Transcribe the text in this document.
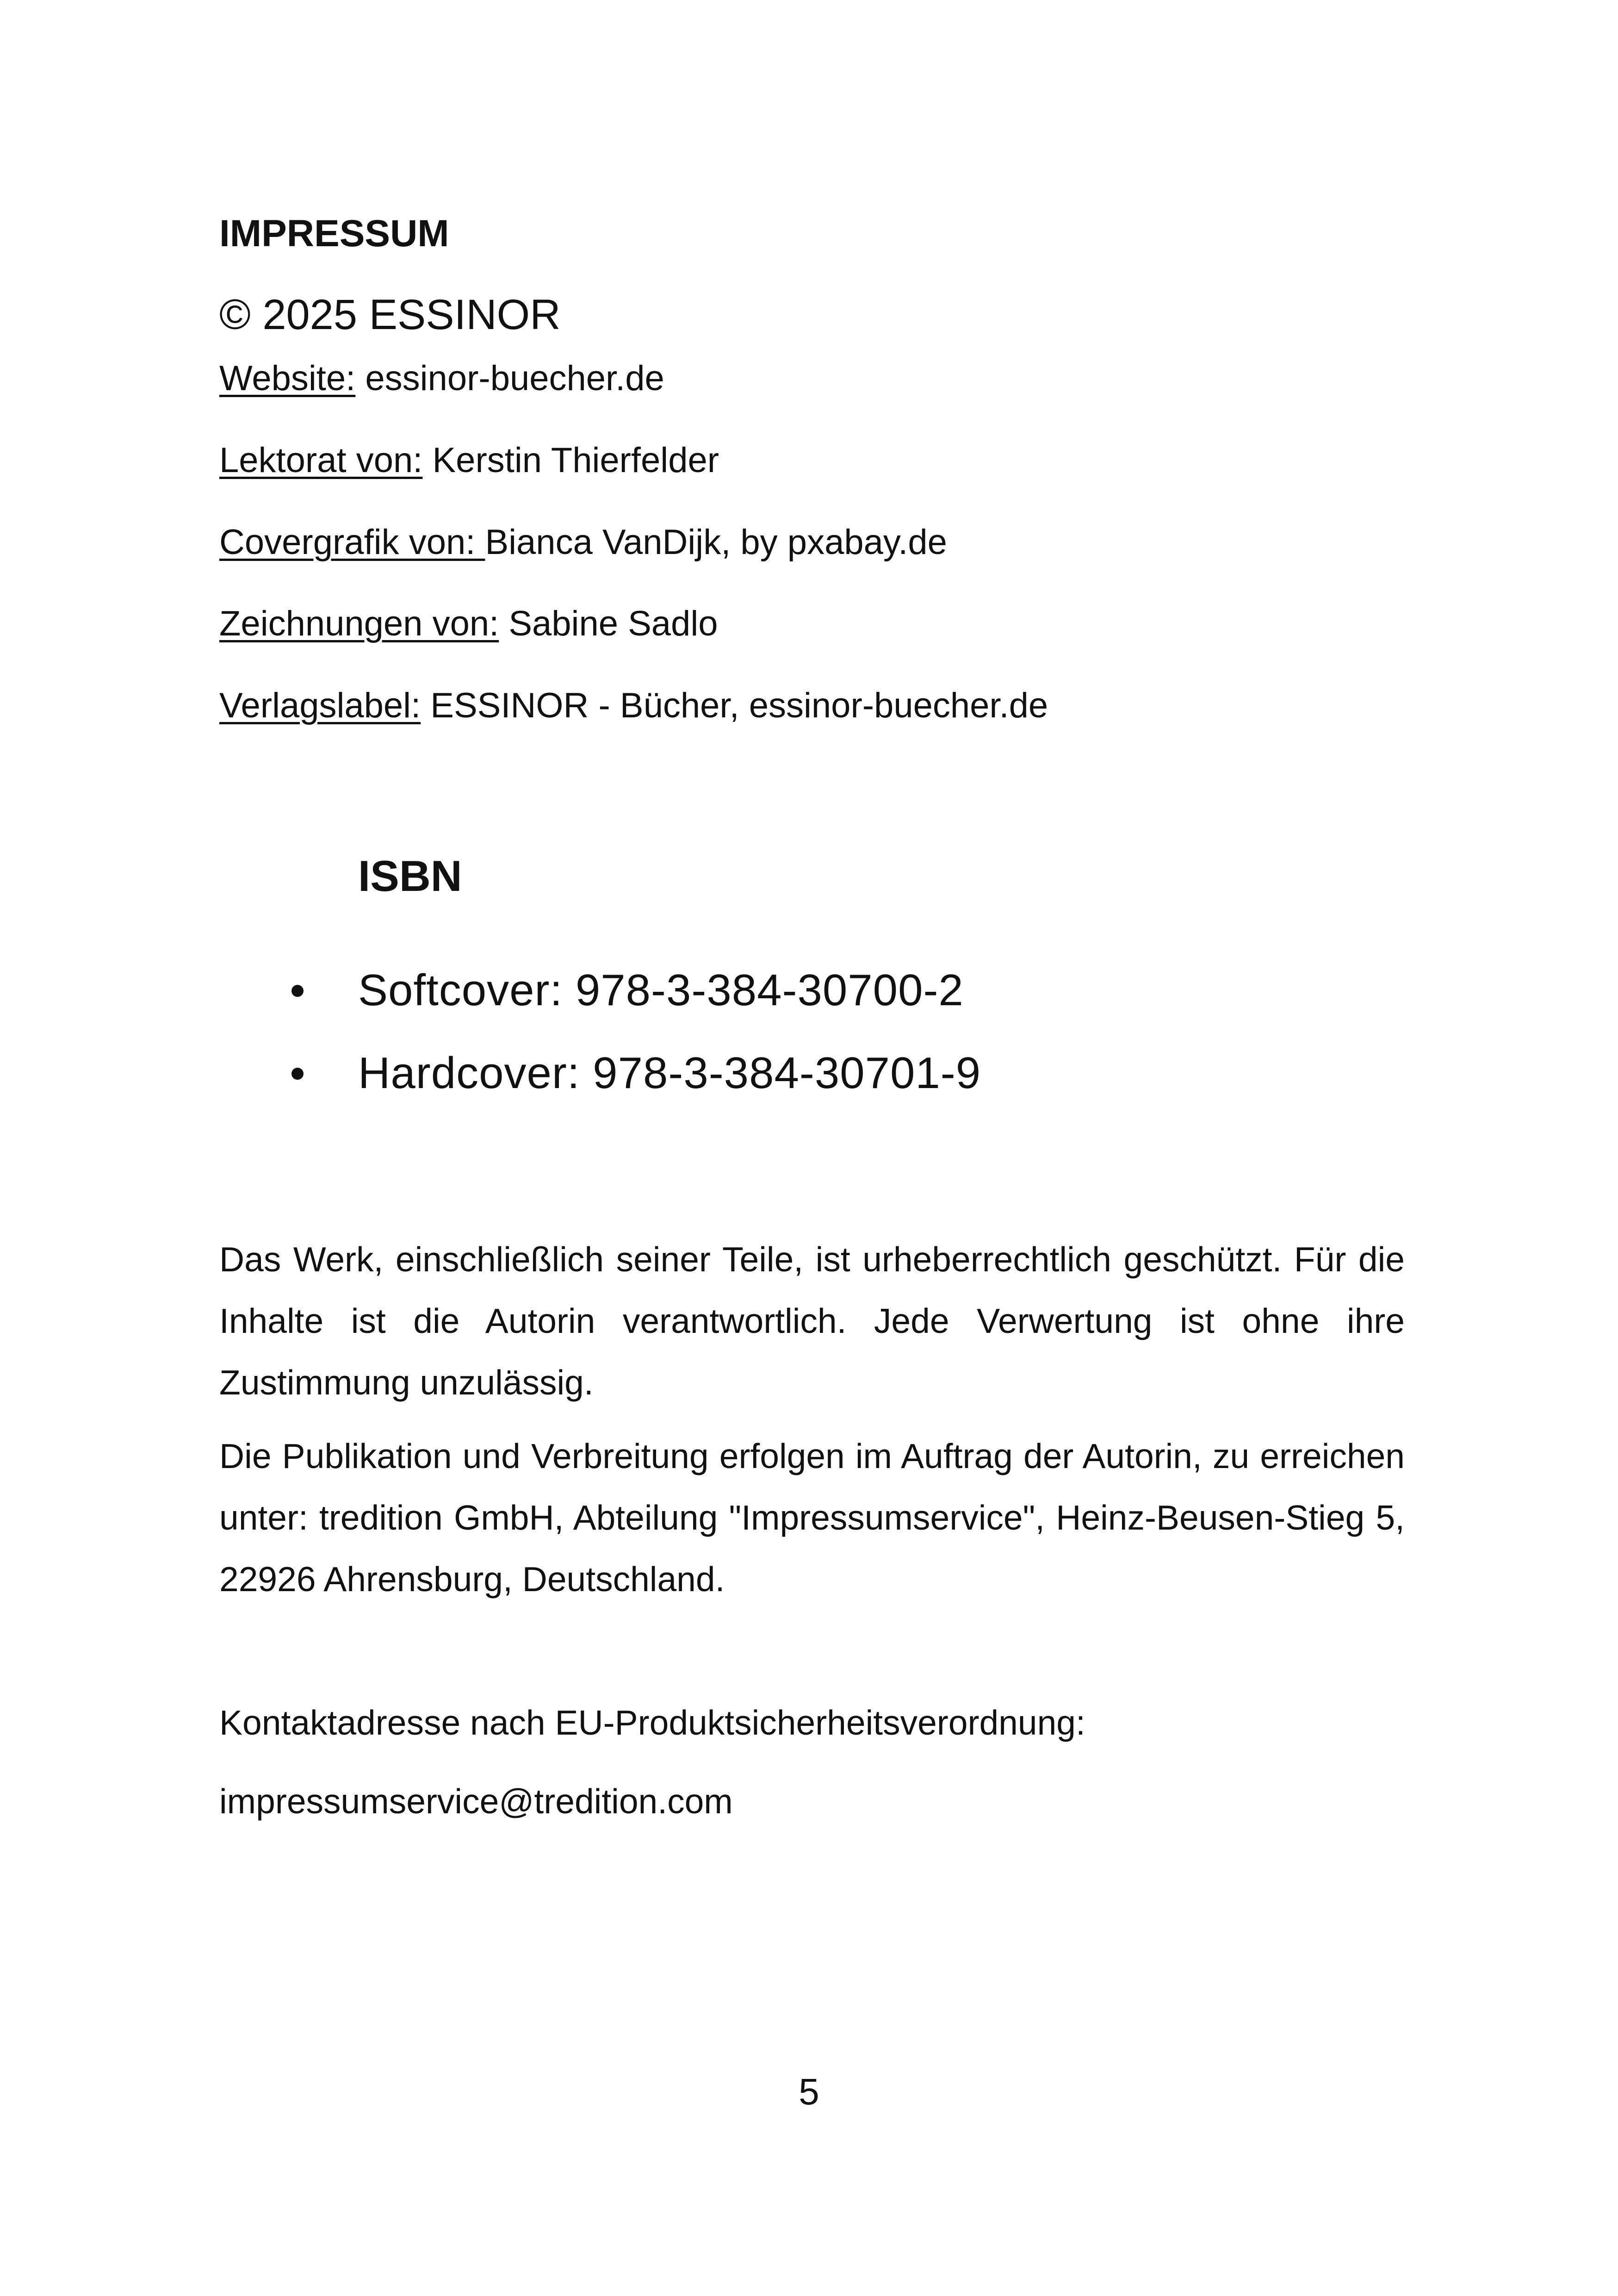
IMPRESSUM

© 2025 ESSINOR

Website: essinor-buecher.de

Lektorat von: Kerstin Thierfelder

Covergrafik von: Bianca VanDijk, by pxabay.de

Zeichnungen von: Sabine Sadlo

Verlagslabel: ESSINOR - Bücher, essinor-buecher.de

ISBN
Softcover: 978-3-384-30700-2
Hardcover: 978-3-384-30701-9

Das Werk, einschließlich seiner Teile, ist urheberrechtlich geschützt. Für die Inhalte ist die Autorin verantwortlich. Jede Verwertung ist ohne ihre Zustimmung unzulässig.

Die Publikation und Verbreitung erfolgen im Auftrag der Autorin, zu erreichen unter: tredition GmbH, Abteilung "Impressumservice", Heinz-Beusen-Stieg 5, 22926 Ahrensburg, Deutschland.

Kontaktadresse nach EU-Produktsicherheitsverordnung:

impressumservice@tredition.com

5
